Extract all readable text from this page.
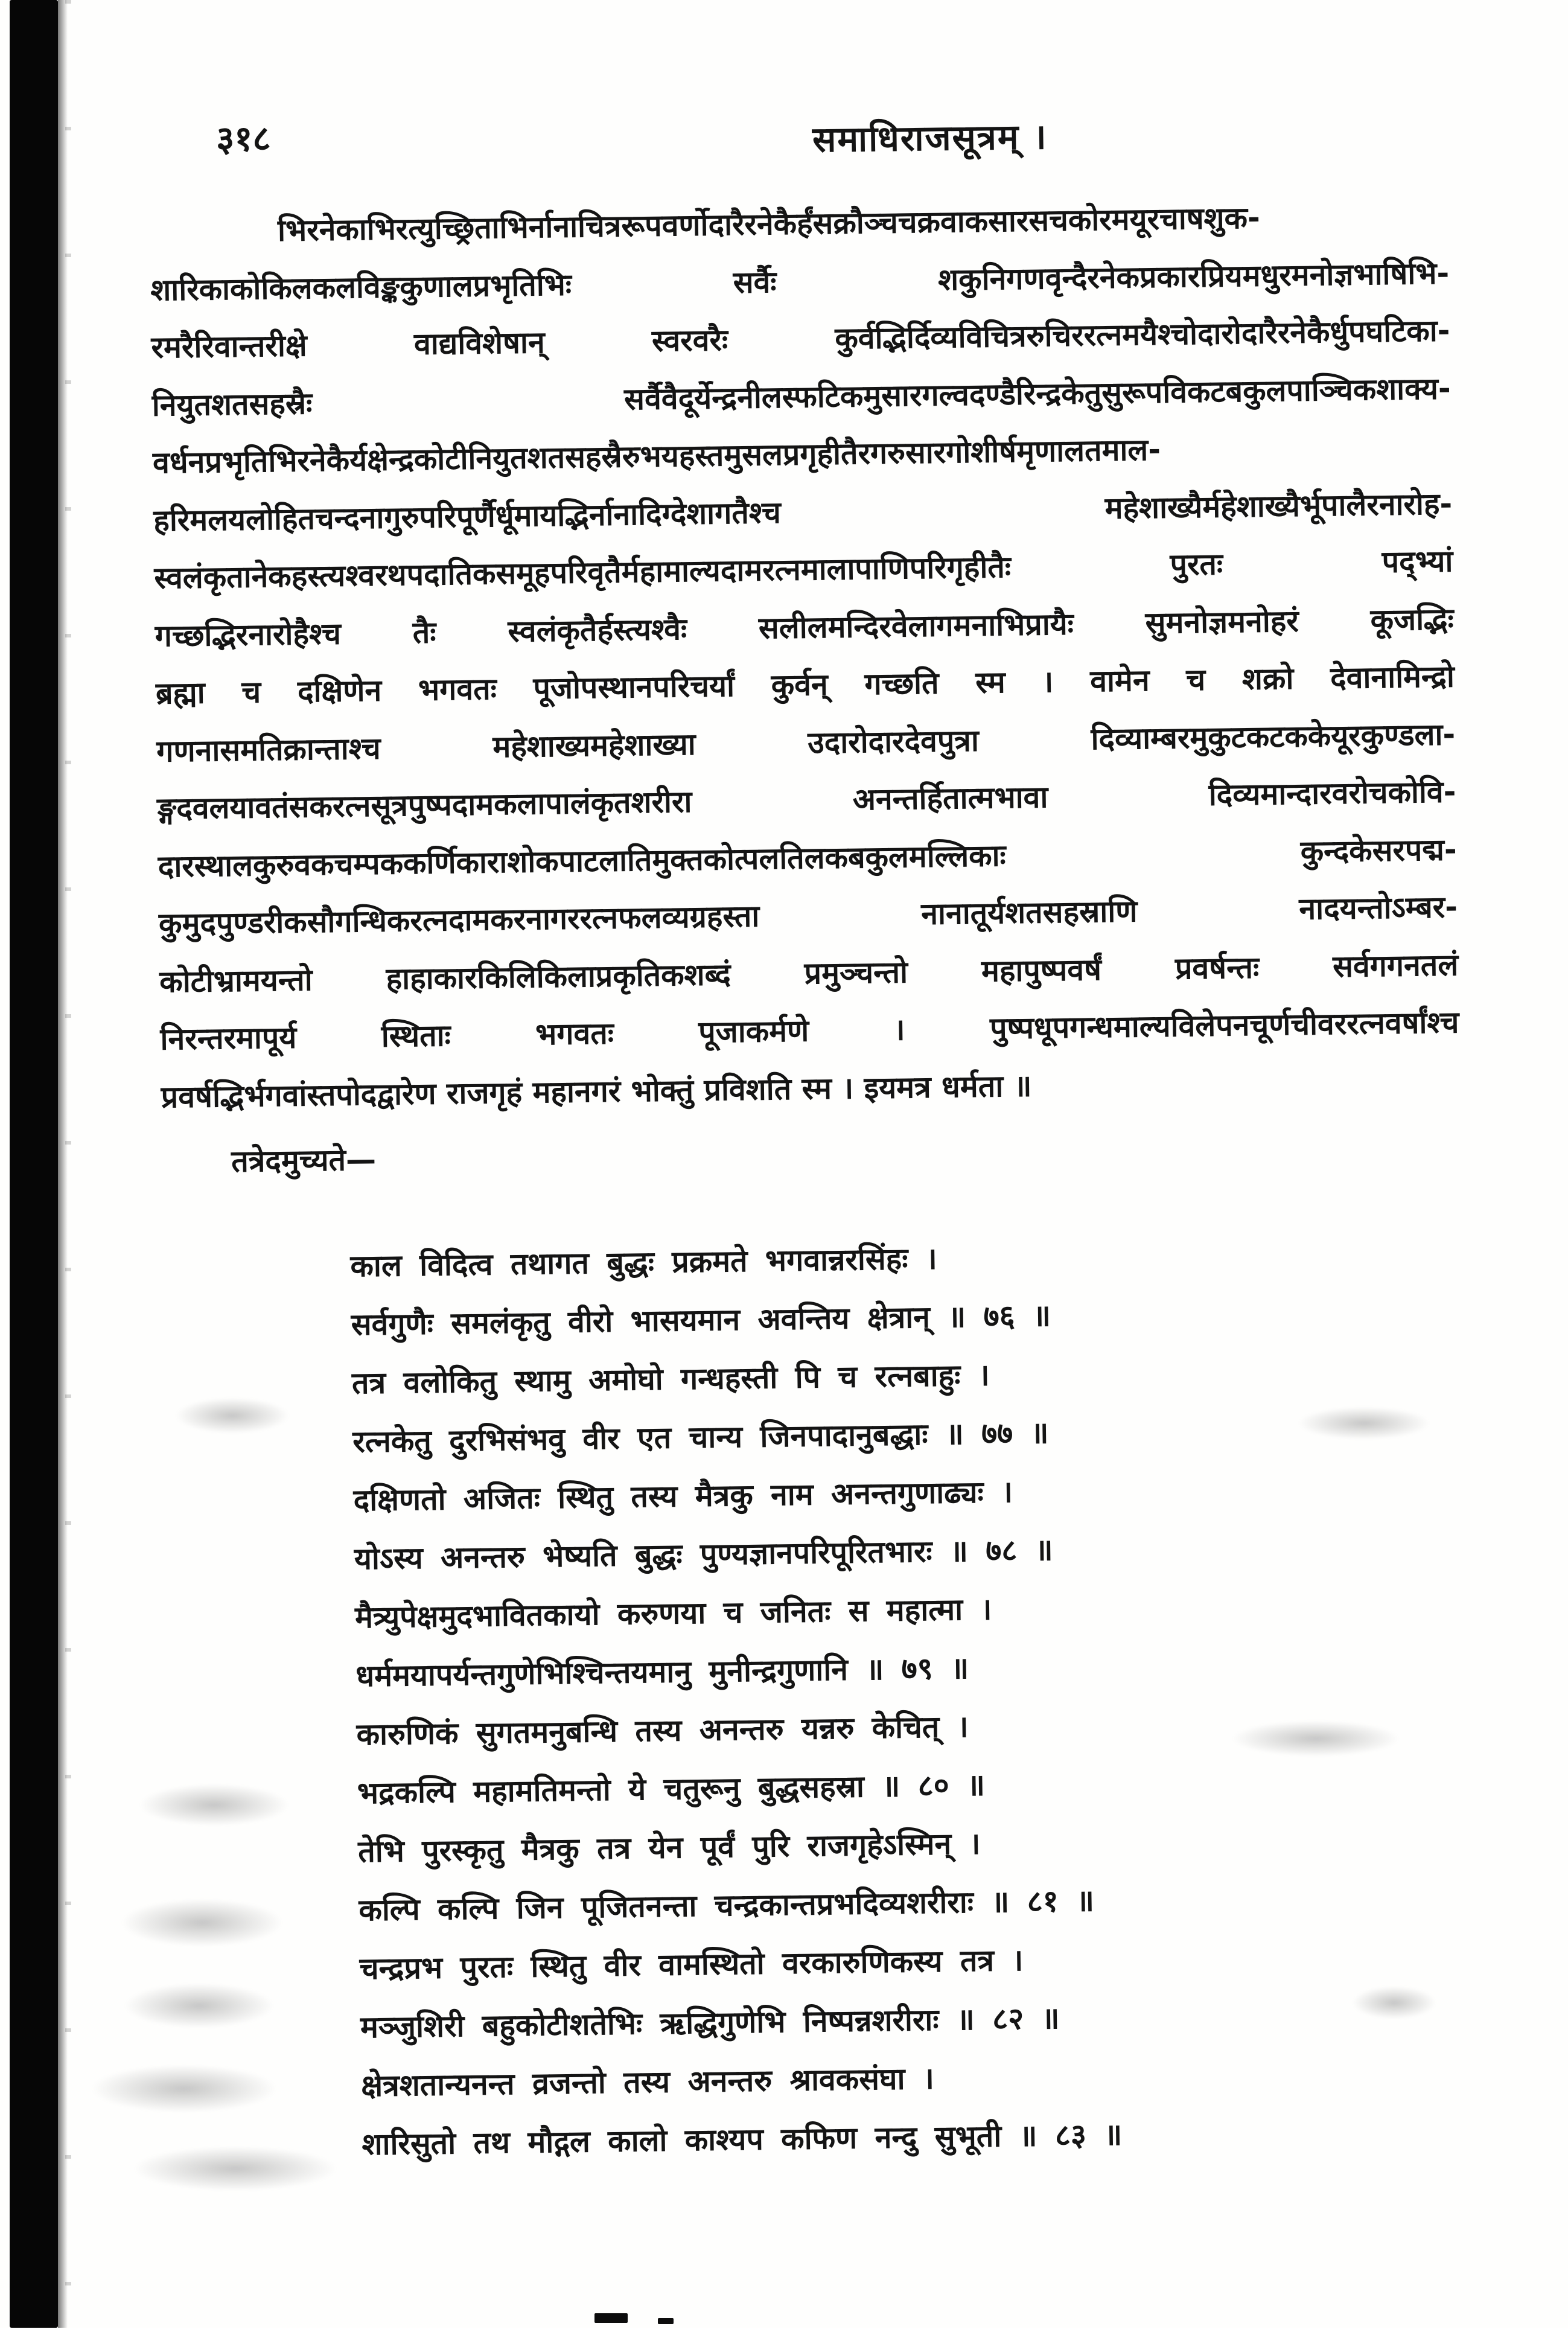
३१८	समाधिराजसूत्रम् ।
भिरनेकाभिरत्युच्छ्रिताभिर्नानाचित्ररूपवर्णोदारैरनेकैर्हंसक्रौञ्चचक्रवाकसारसचकोरमयूरचाषशुक-
शारिकाकोकिलकलविङ्ककुणालप्रभृतिभिः सर्वैः शकुनिगणवृन्दैरनेकप्रकारप्रियमधुरमनोज्ञभाषिभि-
रमरैरिवान्तरीक्षे वाद्यविशेषान् स्वरवरैः कुर्वद्भिर्दिव्यविचित्ररुचिररत्नमयैश्चोदारोदारैरनेकैर्धुपघटिका-
नियुतशतसहस्रैः सर्वैवैदूर्येन्द्रनीलस्फटिकमुसारगल्वदण्डैरिन्द्रकेतुसुरूपविकटबकुलपाञ्चिकशाक्य-
वर्धनप्रभृतिभिरनेकैर्यक्षेन्द्रकोटीनियुतशतसहस्रैरुभयहस्तमुसलप्रगृहीतैरगरुसारगोशीर्षमृणालतमाल-
हरिमलयलोहितचन्दनागुरुपरिपूर्णैर्धूमायद्भिर्नानादिग्देशागतैश्च महेशाख्यैर्महेशाख्यैर्भूपालैरनारोह-
स्वलंकृतानेकहस्त्यश्वरथपदातिकसमूहपरिवृतैर्महामाल्यदामरत्नमालापाणिपरिगृहीतैः पुरतः पद्भ्यां
गच्छद्भिरनारोहैश्च तैः स्वलंकृतैर्हस्त्यश्वैः सलीलमन्दिरवेलागमनाभिप्रायैः सुमनोज्ञमनोहरं कूजद्भिः
ब्रह्मा च दक्षिणेन भगवतः पूजोपस्थानपरिचर्यां कुर्वन् गच्छति स्म । वामेन च शक्रो देवानामिन्द्रो
गणनासमतिक्रान्ताश्च महेशाख्यमहेशाख्या उदारोदारदेवपुत्रा दिव्याम्बरमुकुटकटककेयूरकुण्डला-
ङ्गदवलयावतंसकरत्नसूत्रपुष्पदामकलापालंकृतशरीरा अनन्तर्हितात्मभावा दिव्यमान्दारवरोचकोवि-
दारस्थालकुरुवकचम्पककर्णिकाराशोकपाटलातिमुक्तकोत्पलतिलकबकुलमल्लिकाः कुन्दकेसरपद्म-
कुमुदपुण्डरीकसौगन्धिकरत्नदामकरनागररत्नफलव्यग्रहस्ता नानातूर्यशतसहस्राणि नादयन्तोऽम्बर-
कोटीभ्रामयन्तो हाहाकारकिलिकिलाप्रकृतिकशब्दं प्रमुञ्चन्तो महापुष्पवर्षं प्रवर्षन्तः सर्वगगनतलं
निरन्तरमापूर्य स्थिताः भगवतः पूजाकर्मणे । पुष्पधूपगन्धमाल्यविलेपनचूर्णचीवररत्नवर्षांश्च
प्रवर्षद्भिर्भगवांस्तपोदद्वारेण राजगृहं महानगरं भोक्तुं प्रविशति स्म । इयमत्र धर्मता ॥
तत्रेदमुच्यते—
काल विदित्व तथागत बुद्धः प्रक्रमते भगवान्नरसिंहः ।
सर्वगुणैः समलंकृतु वीरो भासयमान अवन्तिय क्षेत्रान् ॥ ७६ ॥
तत्र वलोकितु स्थामु अमोघो गन्धहस्ती पि च रत्नबाहुः ।
रत्नकेतु दुरभिसंभवु वीर एत चान्य जिनपादानुबद्धाः ॥ ७७ ॥
दक्षिणतो अजितः स्थितु तस्य मैत्रकु नाम अनन्तगुणाढ्यः ।
योऽस्य अनन्तरु भेष्यति बुद्धः पुण्यज्ञानपरिपूरितभारः ॥ ७८ ॥
मैत्र्युपेक्षमुदभावितकायो करुणया च जनितः स महात्मा ।
धर्ममयापर्यन्तगुणेभिश्चिन्तयमानु मुनीन्द्रगुणानि ॥ ७९ ॥
कारुणिकं सुगतमनुबन्धि तस्य अनन्तरु यन्नरु केचित् ।
भद्रकल्पि महामतिमन्तो ये चतुरूनु बुद्धसहस्रा ॥ ८० ॥
तेभि पुरस्कृतु मैत्रकु तत्र येन पूर्वं पुरि राजगृहेऽस्मिन् ।
कल्पि कल्पि जिन पूजितनन्ता चन्द्रकान्तप्रभदिव्यशरीराः ॥ ८१ ॥
चन्द्रप्रभ पुरतः स्थितु वीर वामस्थितो वरकारुणिकस्य तत्र ।
मञ्जुशिरी बहुकोटीशतेभिः ऋद्धिगुणेभि निष्पन्नशरीराः ॥ ८२ ॥
क्षेत्रशतान्यनन्त व्रजन्तो तस्य अनन्तरु श्रावकसंघा ।
शारिसुतो तथ मौद्गल कालो काश्यप कफिण नन्दु सुभूती ॥ ८३ ॥
